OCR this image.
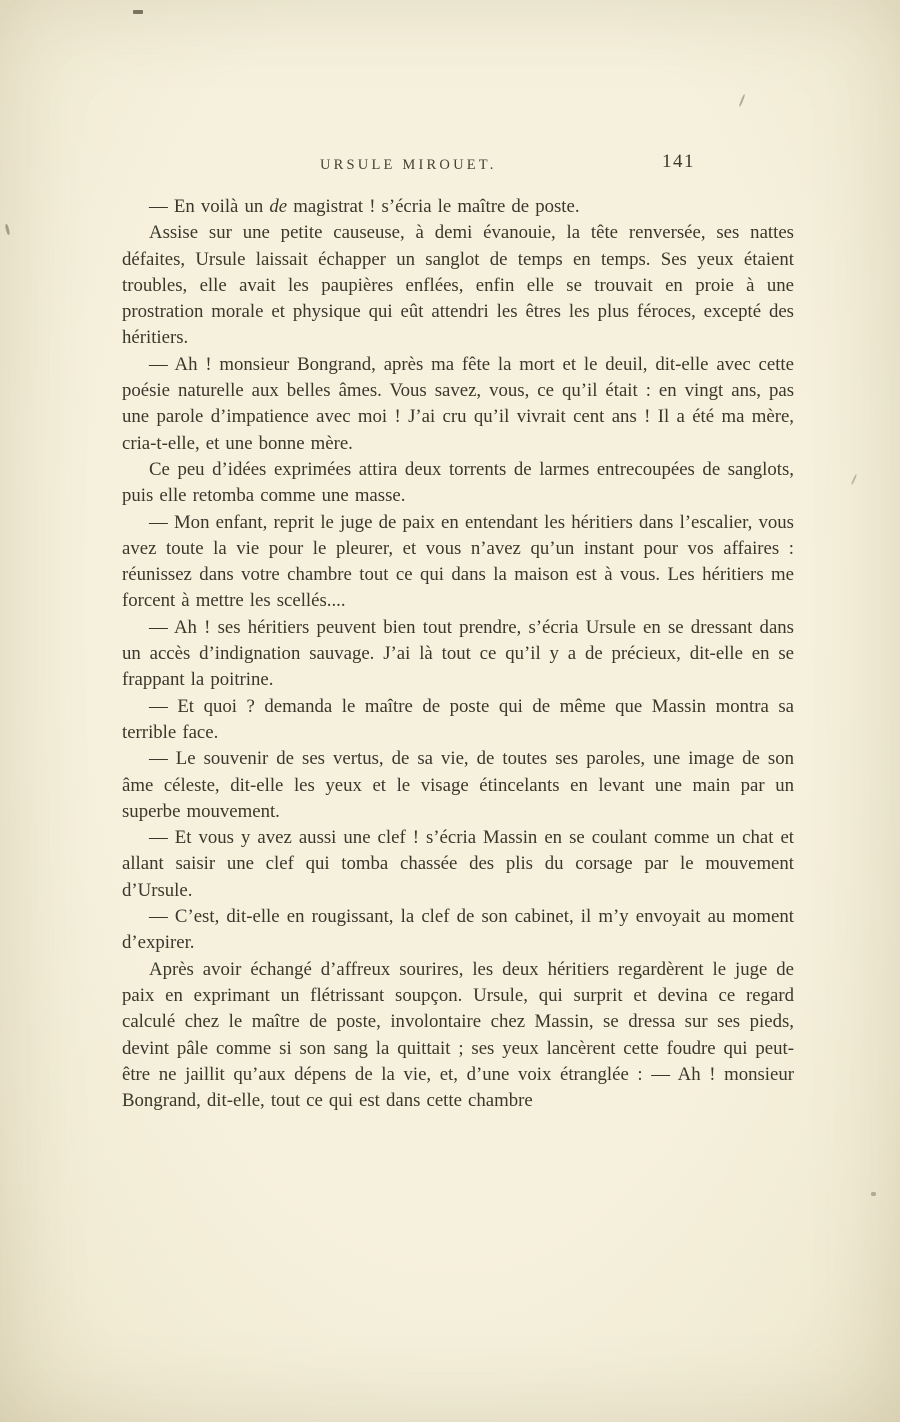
URSULE MIROUET.	141

— En voilà un de magistrat ! s’écria le maître de poste.

Assise sur une petite causeuse, à demi évanouie, la tête renversée, ses nattes défaites, Ursule laissait échapper un sanglot de temps en temps. Ses yeux étaient troubles, elle avait les paupières enflées, enfin elle se trouvait en proie à une prostration morale et physique qui eût attendri les êtres les plus féroces, excepté des héritiers.

— Ah ! monsieur Bongrand, après ma fête la mort et le deuil, dit-elle avec cette poésie naturelle aux belles âmes. Vous savez, vous, ce qu’il était : en vingt ans, pas une parole d’impatience avec moi ! J’ai cru qu’il vivrait cent ans ! Il a été ma mère, cria-t-elle, et une bonne mère.

Ce peu d’idées exprimées attira deux torrents de larmes entrecoupées de sanglots, puis elle retomba comme une masse.

— Mon enfant, reprit le juge de paix en entendant les héritiers dans l’escalier, vous avez toute la vie pour le pleurer, et vous n’avez qu’un instant pour vos affaires : réunissez dans votre chambre tout ce qui dans la maison est à vous. Les héritiers me forcent à mettre les scellés....

— Ah ! ses héritiers peuvent bien tout prendre, s’écria Ursule en se dressant dans un accès d’indignation sauvage. J’ai là tout ce qu’il y a de précieux, dit-elle en se frappant la poitrine.

— Et quoi ? demanda le maître de poste qui de même que Massin montra sa terrible face.

— Le souvenir de ses vertus, de sa vie, de toutes ses paroles, une image de son âme céleste, dit-elle les yeux et le visage étincelants en levant une main par un superbe mouvement.

— Et vous y avez aussi une clef ! s’écria Massin en se coulant comme un chat et allant saisir une clef qui tomba chassée des plis du corsage par le mouvement d’Ursule.

— C’est, dit-elle en rougissant, la clef de son cabinet, il m’y envoyait au moment d’expirer.

Après avoir échangé d’affreux sourires, les deux héritiers regardèrent le juge de paix en exprimant un flétrissant soupçon. Ursule, qui surprit et devina ce regard calculé chez le maître de poste, involontaire chez Massin, se dressa sur ses pieds, devint pâle comme si son sang la quittait ; ses yeux lancèrent cette foudre qui peut-être ne jaillit qu’aux dépens de la vie, et, d’une voix étranglée : — Ah ! monsieur Bongrand, dit-elle, tout ce qui est dans cette chambre
